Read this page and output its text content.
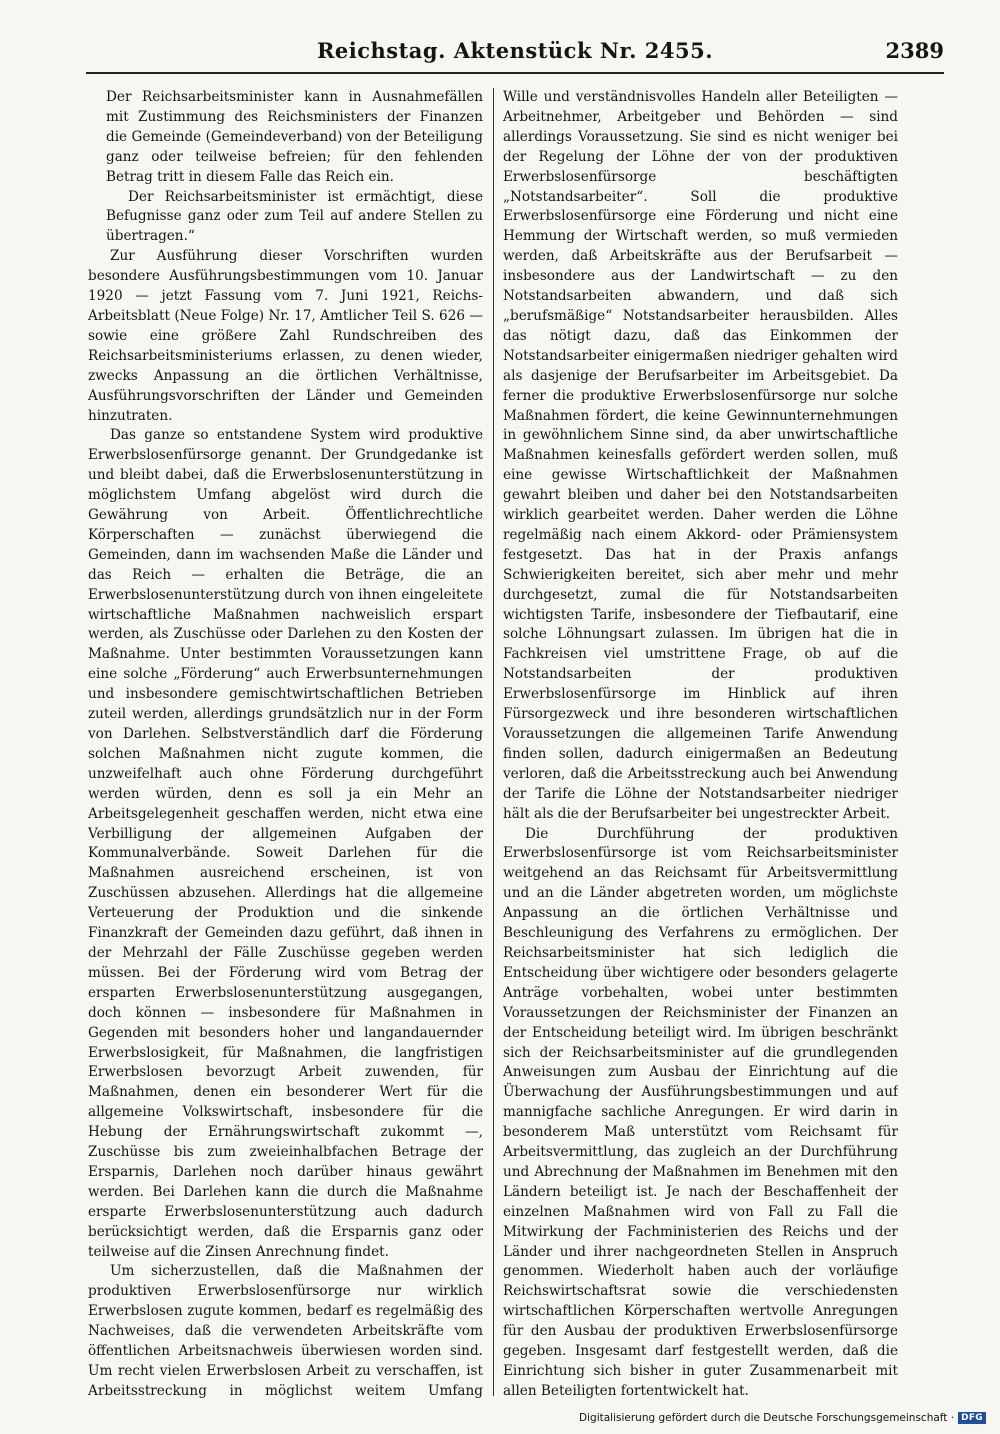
Reichstag. Aktenstück Nr. 2455.	2389

Der Reichsarbeitsminister kann in Ausnahmefällen mit Zustimmung des Reichsministers der Finanzen die Gemeinde (Gemeindeverband) von der Beteiligung ganz oder teilweise befreien; für den fehlenden Betrag tritt in diesem Falle das Reich ein.

Der Reichsarbeitsminister ist ermächtigt, diese Befugnisse ganz oder zum Teil auf andere Stellen zu übertragen.“

Zur Ausführung dieser Vorschriften wurden besondere Ausführungsbestimmungen vom 10. Januar 1920 — jetzt Fassung vom 7. Juni 1921, Reichs-Arbeitsblatt (Neue Folge) Nr. 17, Amtlicher Teil S. 626 — sowie eine größere Zahl Rundschreiben des Reichsarbeitsministeriums erlassen, zu denen wieder, zwecks Anpassung an die örtlichen Verhältnisse, Ausführungsvorschriften der Länder und Gemeinden hinzutraten.

Das ganze so entstandene System wird produktive Erwerbslosenfürsorge genannt. Der Grundgedanke ist und bleibt dabei, daß die Erwerbslosenunterstützung in möglichstem Umfang abgelöst wird durch die Gewährung von Arbeit. Öffentlichrechtliche Körperschaften — zunächst überwiegend die Gemeinden, dann im wachsenden Maße die Länder und das Reich — erhalten die Beträge, die an Erwerbslosenunterstützung durch von ihnen eingeleitete wirtschaftliche Maßnahmen nachweislich erspart werden, als Zuschüsse oder Darlehen zu den Kosten der Maßnahme. Unter bestimmten Voraussetzungen kann eine solche „Förderung“ auch Erwerbsunternehmungen und insbesondere gemischtwirtschaftlichen Betrieben zuteil werden, allerdings grundsätzlich nur in der Form von Darlehen. Selbstverständlich darf die Förderung solchen Maßnahmen nicht zugute kommen, die unzweifelhaft auch ohne Förderung durchgeführt werden würden, denn es soll ja ein Mehr an Arbeitsgelegenheit geschaffen werden, nicht etwa eine Verbilligung der allgemeinen Aufgaben der Kommunalverbände. Soweit Darlehen für die Maßnahmen ausreichend erscheinen, ist von Zuschüssen abzusehen. Allerdings hat die allgemeine Verteuerung der Produktion und die sinkende Finanzkraft der Gemeinden dazu geführt, daß ihnen in der Mehrzahl der Fälle Zuschüsse gegeben werden müssen. Bei der Förderung wird vom Betrag der ersparten Erwerbslosenunterstützung ausgegangen, doch können — insbesondere für Maßnahmen in Gegenden mit besonders hoher und langandauernder Erwerbslosigkeit, für Maßnahmen, die langfristigen Erwerbslosen bevorzugt Arbeit zuwenden, für Maßnahmen, denen ein besonderer Wert für die allgemeine Volkswirtschaft, insbesondere für die Hebung der Ernährungswirtschaft zukommt —, Zuschüsse bis zum zweieinhalbfachen Betrage der Ersparnis, Darlehen noch darüber hinaus gewährt werden. Bei Darlehen kann die durch die Maßnahme ersparte Erwerbslosenunterstützung auch dadurch berücksichtigt werden, daß die Ersparnis ganz oder teilweise auf die Zinsen Anrechnung findet.

Um sicherzustellen, daß die Maßnahmen der produktiven Erwerbslosenfürsorge nur wirklich Erwerbslosen zugute kommen, bedarf es regelmäßig des Nachweises, daß die verwendeten Arbeitskräfte vom öffentlichen Arbeitsnachweis überwiesen worden sind. Um recht vielen Erwerbslosen Arbeit zu verschaffen, ist Arbeitsstreckung in möglichst weitem Umfang

Wille und verständnisvolles Handeln aller Beteiligten — Arbeitnehmer, Arbeitgeber und Behörden — sind allerdings Voraussetzung. Sie sind es nicht weniger bei der Regelung der Löhne der von der produktiven Erwerbslosenfürsorge beschäftigten „Notstandsarbeiter“. Soll die produktive Erwerbslosenfürsorge eine Förderung und nicht eine Hemmung der Wirtschaft werden, so muß vermieden werden, daß Arbeitskräfte aus der Berufsarbeit — insbesondere aus der Landwirtschaft — zu den Notstandsarbeiten abwandern, und daß sich „berufsmäßige“ Notstandsarbeiter herausbilden. Alles das nötigt dazu, daß das Einkommen der Notstandsarbeiter einigermaßen niedriger gehalten wird als dasjenige der Berufsarbeiter im Arbeitsgebiet. Da ferner die produktive Erwerbslosenfürsorge nur solche Maßnahmen fördert, die keine Gewinnunternehmungen in gewöhnlichem Sinne sind, da aber unwirtschaftliche Maßnahmen keinesfalls gefördert werden sollen, muß eine gewisse Wirtschaftlichkeit der Maßnahmen gewahrt bleiben und daher bei den Notstandsarbeiten wirklich gearbeitet werden. Daher werden die Löhne regelmäßig nach einem Akkord- oder Prämiensystem festgesetzt. Das hat in der Praxis anfangs Schwierigkeiten bereitet, sich aber mehr und mehr durchgesetzt, zumal die für Notstandsarbeiten wichtigsten Tarife, insbesondere der Tiefbautarif, eine solche Löhnungsart zulassen. Im übrigen hat die in Fachkreisen viel umstrittene Frage, ob auf die Notstandsarbeiten der produktiven Erwerbslosenfürsorge im Hinblick auf ihren Fürsorgezweck und ihre besonderen wirtschaftlichen Voraussetzungen die allgemeinen Tarife Anwendung finden sollen, dadurch einigermaßen an Bedeutung verloren, daß die Arbeitsstreckung auch bei Anwendung der Tarife die Löhne der Notstandsarbeiter niedriger hält als die der Berufsarbeiter bei ungestreckter Arbeit.

Die Durchführung der produktiven Erwerbslosenfürsorge ist vom Reichsarbeitsminister weitgehend an das Reichsamt für Arbeitsvermittlung und an die Länder abgetreten worden, um möglichste Anpassung an die örtlichen Verhältnisse und Beschleunigung des Verfahrens zu ermöglichen. Der Reichsarbeitsminister hat sich lediglich die Entscheidung über wichtigere oder besonders gelagerte Anträge vorbehalten, wobei unter bestimmten Voraussetzungen der Reichsminister der Finanzen an der Entscheidung beteiligt wird. Im übrigen beschränkt sich der Reichsarbeitsminister auf die grundlegenden Anweisungen zum Ausbau der Einrichtung auf die Überwachung der Ausführungsbestimmungen und auf mannigfache sachliche Anregungen. Er wird darin in besonderem Maß unterstützt vom Reichsamt für Arbeitsvermittlung, das zugleich an der Durchführung und Abrechnung der Maßnahmen im Benehmen mit den Ländern beteiligt ist. Je nach der Beschaffenheit der einzelnen Maßnahmen wird von Fall zu Fall die Mitwirkung der Fachministerien des Reichs und der Länder und ihrer nachgeordneten Stellen in Anspruch genommen. Wiederholt haben auch der vorläufige Reichswirtschaftsrat sowie die verschiedensten wirtschaftlichen Körperschaften wertvolle Anregungen für den Ausbau der produktiven Erwerbslosenfürsorge gegeben. Insgesamt darf festgestellt werden, daß die Einrichtung sich bisher in guter Zusammenarbeit mit allen Beteiligten fortentwickelt hat.

Digitalisierung gefördert durch die Deutsche Forschungsgemeinschaft · DFG
